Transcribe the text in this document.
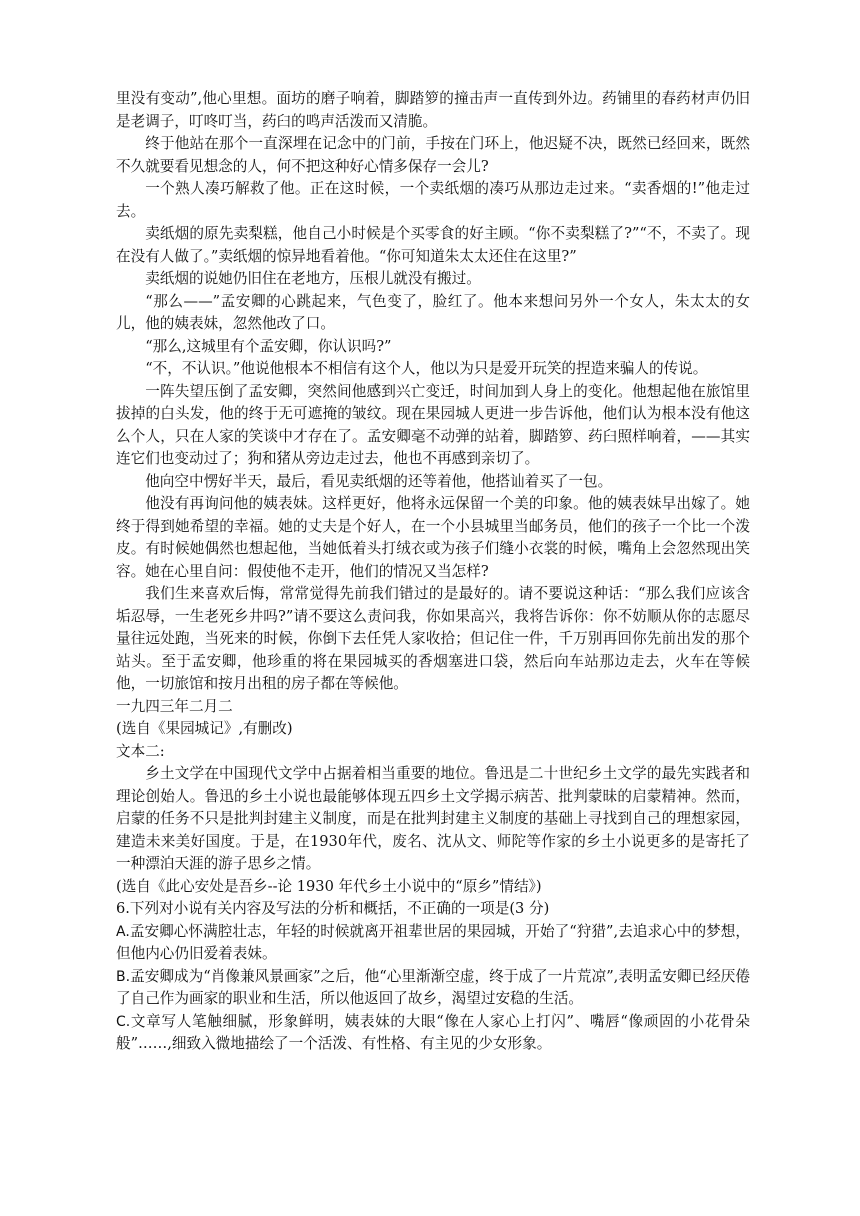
里没有变动”,他心里想。面坊的磨子响着，脚踏箩的撞击声一直传到外边。药铺里的春药材声仍旧是老调子，叮咚叮当，药臼的鸣声活泼而又清脆。

终于他站在那个一直深埋在记念中的门前，手按在门环上，他迟疑不决，既然已经回来，既然不久就要看见想念的人，何不把这种好心情多保存一会儿?

一个熟人凑巧解救了他。正在这时候，一个卖纸烟的凑巧从那边走过来。“卖香烟的!”他走过去。

卖纸烟的原先卖梨糕，他自己小时候是个买零食的好主顾。“你不卖梨糕了?”“不，不卖了。现在没有人做了。”卖纸烟的惊异地看着他。“你可知道朱太太还住在这里?”

卖纸烟的说她仍旧住在老地方，压根儿就没有搬过。

“那么——”孟安卿的心跳起来，气色变了，脸红了。他本来想问另外一个女人，朱太太的女儿，他的姨表妹，忽然他改了口。

“那么,这城里有个孟安卿，你认识吗?”

“不，不认识。”他说他根本不相信有这个人，他以为只是爱开玩笑的捏造来骗人的传说。

一阵失望压倒了孟安卿，突然间他感到兴亡变迁，时间加到人身上的变化。他想起他在旅馆里拔掉的白头发，他的终于无可遮掩的皱纹。现在果园城人更进一步告诉他，他们认为根本没有他这么个人，只在人家的笑谈中才存在了。孟安卿毫不动弹的站着，脚踏箩、药臼照样响着，——其实连它们也变动过了；狗和猪从旁边走过去，他也不再感到亲切了。

他向空中愣好半天，最后，看见卖纸烟的还等着他，他搭讪着买了一包。

他没有再询问他的姨表妹。这样更好，他将永远保留一个美的印象。他的姨表妹早出嫁了。她终于得到她希望的幸福。她的丈夫是个好人，在一个小县城里当邮务员，他们的孩子一个比一个泼皮。有时候她偶然也想起他，当她低着头打绒衣或为孩子们缝小衣裳的时候，嘴角上会忽然现出笑容。她在心里自问：假使他不走开，他们的情况又当怎样?

我们生来喜欢后悔，常常觉得先前我们错过的是最好的。请不要说这种话：“那么我们应该含垢忍辱，一生老死乡井吗?”请不要这么责问我，你如果高兴，我将告诉你：你不妨顺从你的志愿尽量往远处跑，当死来的时候，你倒下去任凭人家收拾；但记住一件，千万别再回你先前出发的那个站头。至于孟安卿，他珍重的将在果园城买的香烟塞进口袋，然后向车站那边走去，火车在等候他，一切旅馆和按月出租的房子都在等候他。

一九四三年二月二

(选自《果园城记》,有删改)

文本二:

乡土文学在中国现代文学中占据着相当重要的地位。鲁迅是二十世纪乡土文学的最先实践者和理论创始人。鲁迅的乡土小说也最能够体现五四乡土文学揭示病苦、批判蒙昧的启蒙精神。然而，启蒙的任务不只是批判封建主义制度，而是在批判封建主义制度的基础上寻找到自己的理想家园，建造未来美好国度。于是，在1930年代，废名、沈从文、师陀等作家的乡土小说更多的是寄托了一种漂泊天涯的游子思乡之情。

(选自《此心安处是吾乡--论 1930 年代乡土小说中的“原乡”情结》)

6.下列对小说有关内容及写法的分析和概括，不正确的一项是(3 分)

A.孟安卿心怀满腔壮志，年轻的时候就离开祖辈世居的果园城，开始了“狩猎”,去追求心中的梦想，但他内心仍旧爱着表妹。

B.孟安卿成为“肖像兼风景画家”之后，他“心里渐渐空虚，终于成了一片荒凉”,表明孟安卿已经厌倦了自己作为画家的职业和生活，所以他返回了故乡，渴望过安稳的生活。

C.文章写人笔触细腻，形象鲜明，姨表妹的大眼“像在人家心上打闪”、嘴唇“像顽固的小花骨朵般”……,细致入微地描绘了一个活泼、有性格、有主见的少女形象。
